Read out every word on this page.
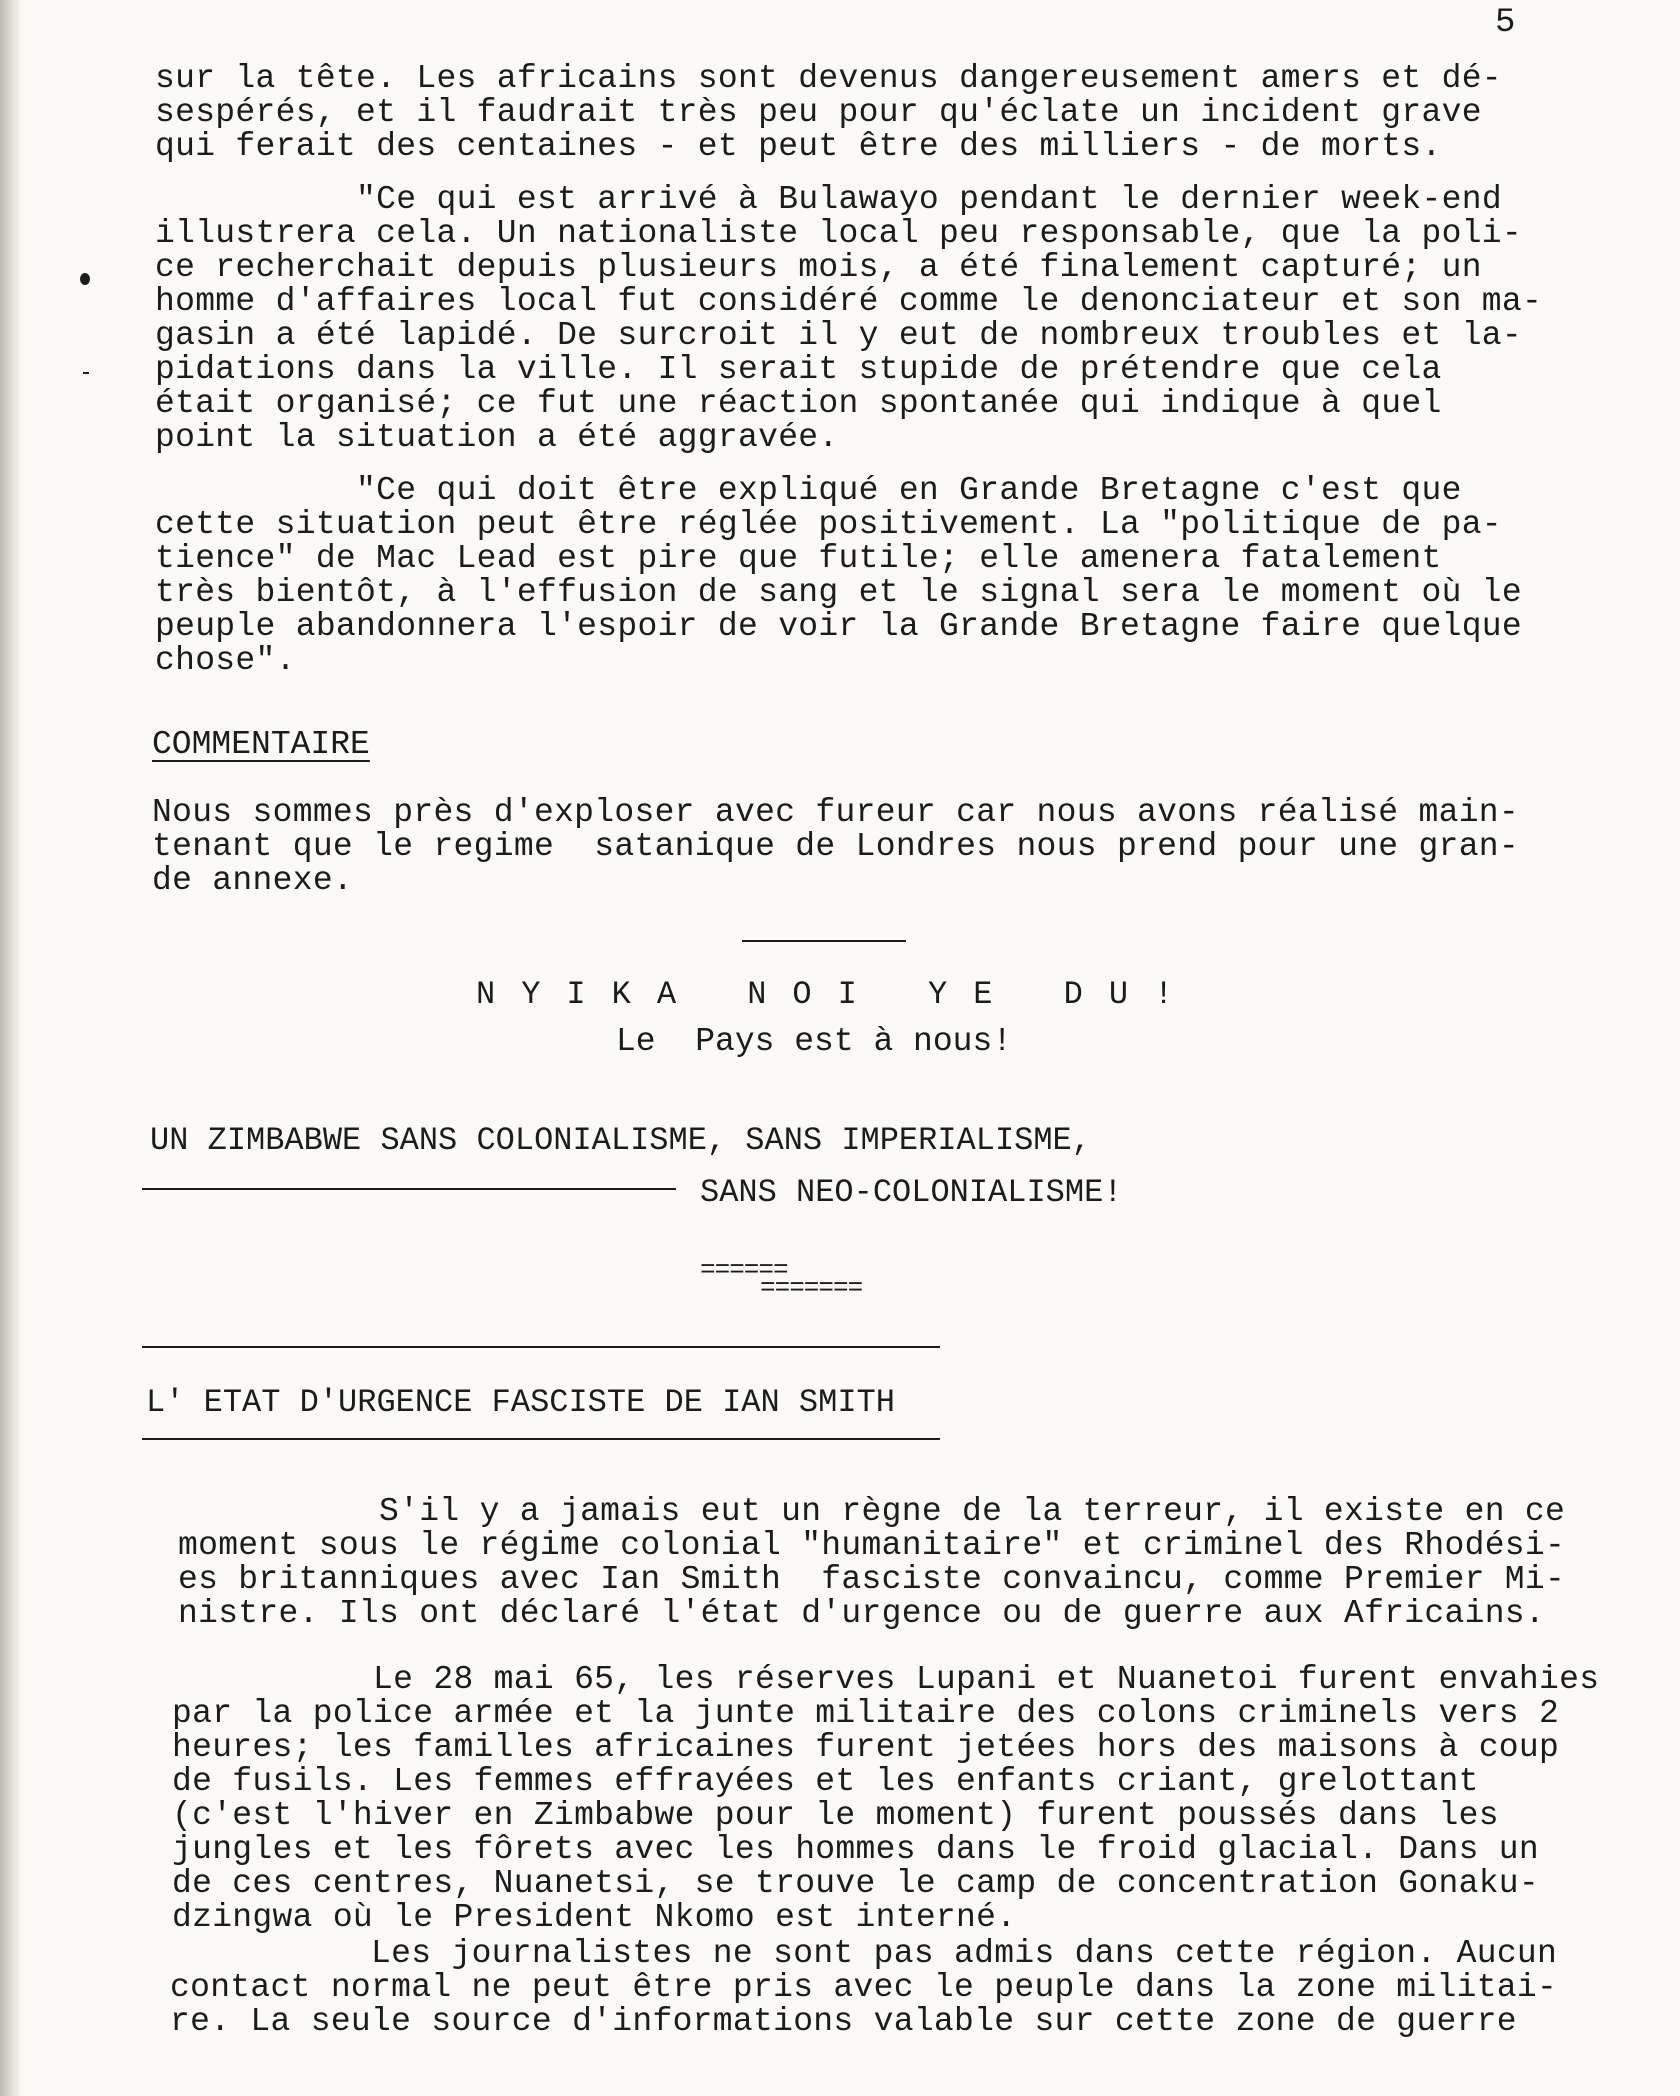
5

sur la tête. Les africains sont devenus dangereusement amers et dé-
sespérés, et il faudrait très peu pour qu'éclate un incident grave
qui ferait des centaines - et peut être des milliers - de morts.

"Ce qui est arrivé à Bulawayo pendant le dernier week-end
illustrera cela. Un nationaliste local peu responsable, que la poli-
ce recherchait depuis plusieurs mois, a été finalement capturé; un
homme d'affaires local fut considéré comme le denonciateur et son ma-
gasin a été lapidé. De surcroit il y eut de nombreux troubles et la-
pidations dans la ville. Il serait stupide de prétendre que cela
était organisé; ce fut une réaction spontanée qui indique à quel
point la situation a été aggravée.

"Ce qui doit être expliqué en Grande Bretagne c'est que
cette situation peut être réglée positivement. La "politique de pa-
tience" de Mac Lead est pire que futile; elle amenera fatalement
très bientôt, à l'effusion de sang et le signal sera le moment où le
peuple abandonnera l'espoir de voir la Grande Bretagne faire quelque
chose".

COMMENTAIRE

Nous sommes près d'exploser avec fureur car nous avons réalisé main-
tenant que le regime  satanique de Londres nous prend pour une gran-
de annexe.

NYIKA NOI YE DU!

Le  Pays est à nous!

UN ZIMBABWE SANS COLONIALISME, SANS IMPERIALISME,

SANS NEO-COLONIALISME!

======

=======

L' ETAT D'URGENCE FASCISTE DE IAN SMITH

S'il y a jamais eut un règne de la terreur, il existe en ce
moment sous le régime colonial "humanitaire" et criminel des Rhodési-
es britanniques avec Ian Smith  fasciste convaincu, comme Premier Mi-
nistre. Ils ont déclaré l'état d'urgence ou de guerre aux Africains.

Le 28 mai 65, les réserves Lupani et Nuanetoi furent envahies
par la police armée et la junte militaire des colons criminels vers 2
heures; les familles africaines furent jetées hors des maisons à coup
de fusils. Les femmes effrayées et les enfants criant, grelottant
(c'est l'hiver en Zimbabwe pour le moment) furent poussés dans les
jungles et les fôrets avec les hommes dans le froid glacial. Dans un
de ces centres, Nuanetsi, se trouve le camp de concentration Gonaku-
dzingwa où le President Nkomo est interné.

Les journalistes ne sont pas admis dans cette région. Aucun
contact normal ne peut être pris avec le peuple dans la zone militai-
re. La seule source d'informations valable sur cette zone de guerre
